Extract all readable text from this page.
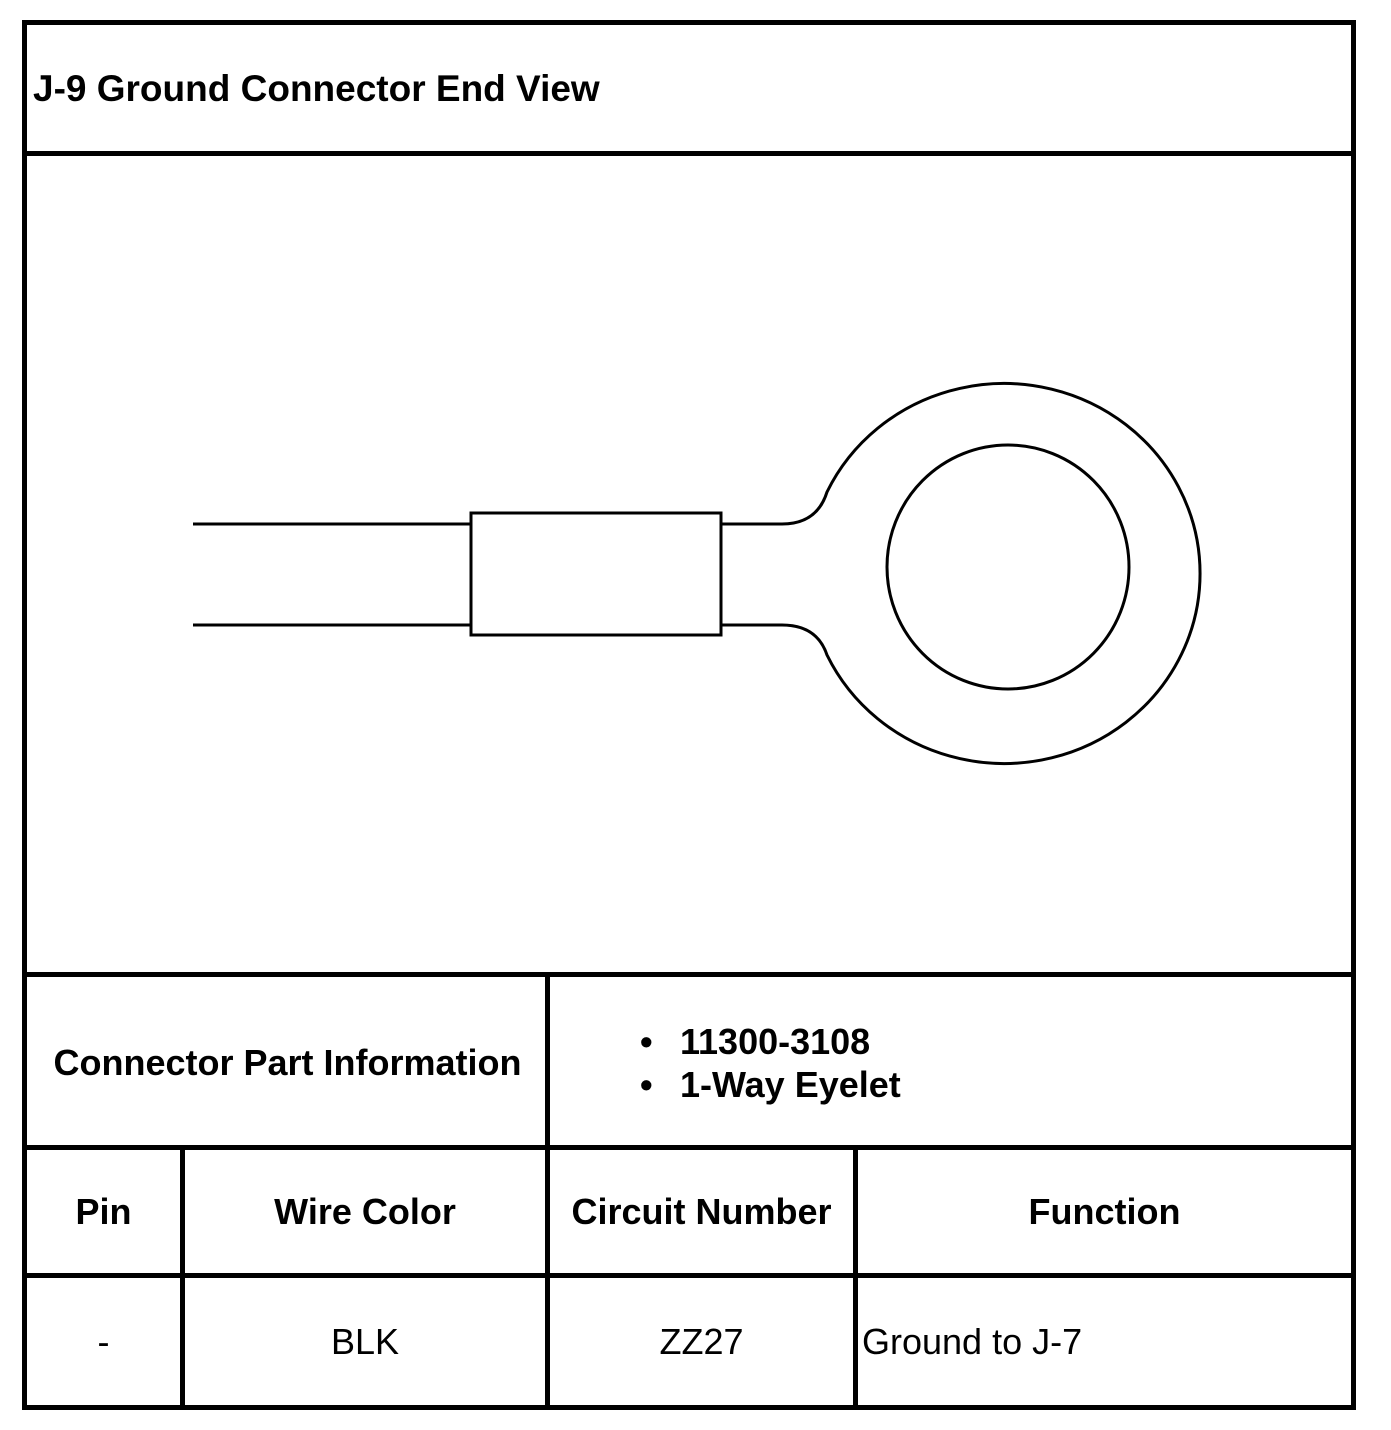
J-9 Ground Connector End View
Connector Part Information
• 11300-3108
• 1-Way Eyelet
Pin	Wire Color	Circuit Number	Function
-	BLK	ZZ27	Ground to J-7
